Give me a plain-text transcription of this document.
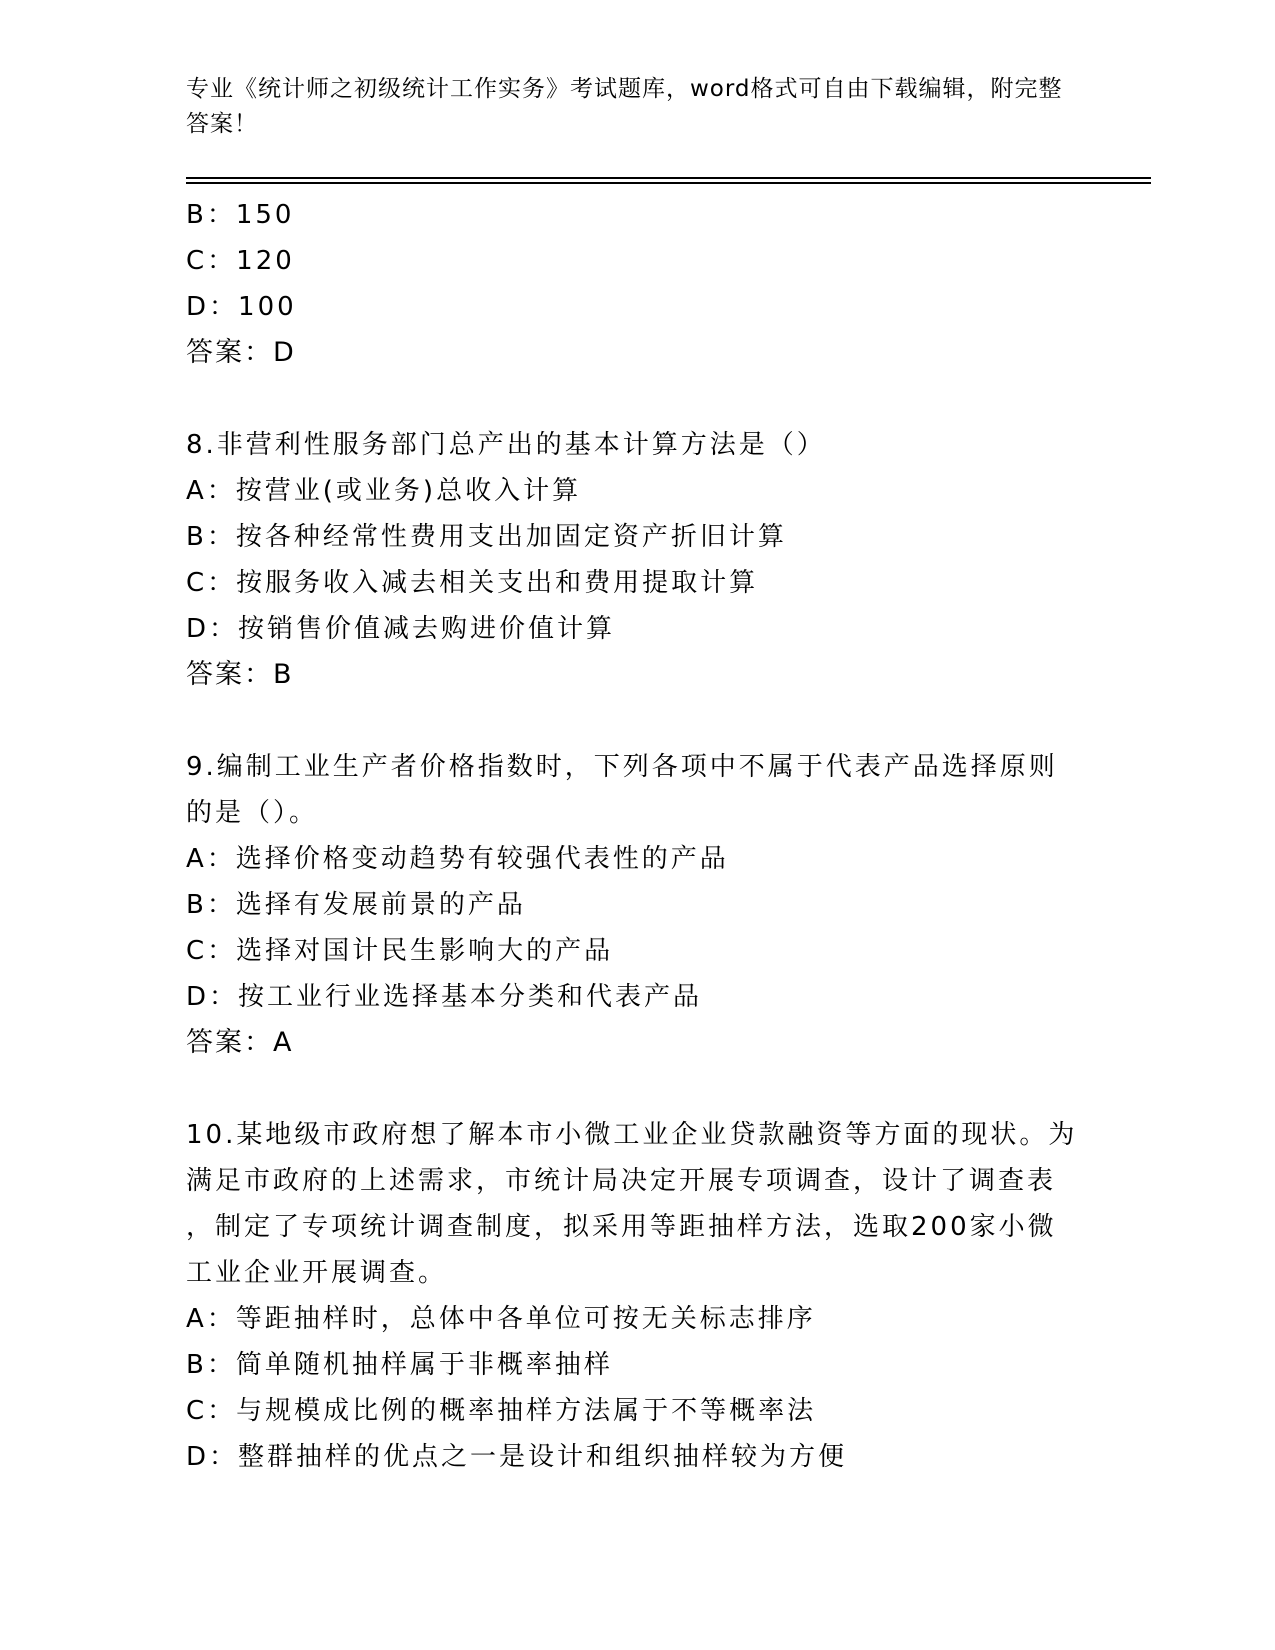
专业《统计师之初级统计工作实务》考试题库，word格式可自由下载编辑，附完整答案！
B：150
C：120
D：100
答案：D
8.非营利性服务部门总产出的基本计算方法是（）
A：按营业(或业务)总收入计算
B：按各种经常性费用支出加固定资产折旧计算
C：按服务收入减去相关支出和费用提取计算
D：按销售价值减去购进价值计算
答案：B
9.编制工业生产者价格指数时，下列各项中不属于代表产品选择原则
的是（）。
A：选择价格变动趋势有较强代表性的产品
B：选择有发展前景的产品
C：选择对国计民生影响大的产品
D：按工业行业选择基本分类和代表产品
答案：A
10.某地级市政府想了解本市小微工业企业贷款融资等方面的现状。为
满足市政府的上述需求，市统计局决定开展专项调查，设计了调查表
，制定了专项统计调查制度，拟采用等距抽样方法，选取200家小微
工业企业开展调查。
A：等距抽样时，总体中各单位可按无关标志排序
B：简单随机抽样属于非概率抽样
C：与规模成比例的概率抽样方法属于不等概率法
D：整群抽样的优点之一是设计和组织抽样较为方便
